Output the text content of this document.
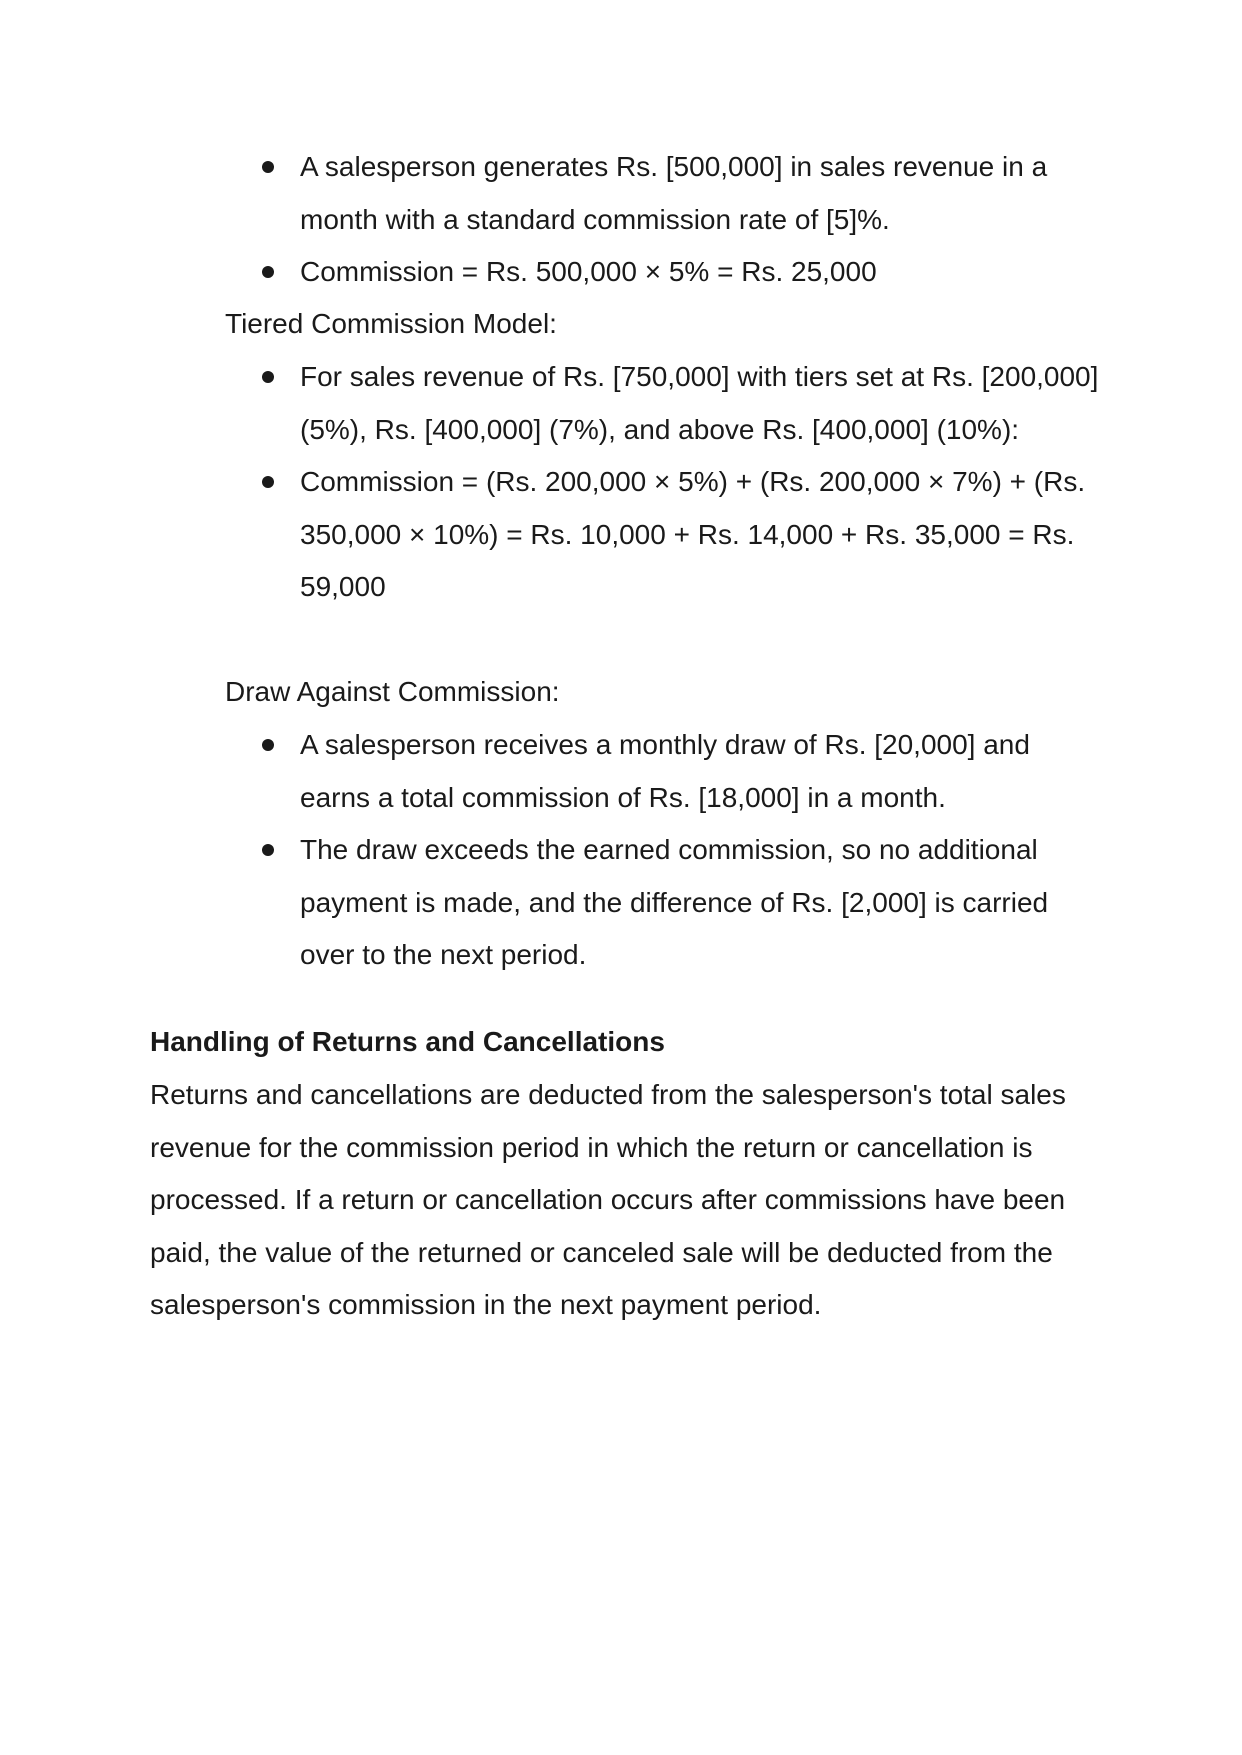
A salesperson generates Rs. [500,000] in sales revenue in a month with a standard commission rate of [5]%.
Commission = Rs. 500,000 × 5% = Rs. 25,000
Tiered Commission Model:
For sales revenue of Rs. [750,000] with tiers set at Rs. [200,000] (5%), Rs. [400,000] (7%), and above Rs. [400,000] (10%):
Commission = (Rs. 200,000 × 5%) + (Rs. 200,000 × 7%) + (Rs. 350,000 × 10%) = Rs. 10,000 + Rs. 14,000 + Rs. 35,000 = Rs. 59,000
Draw Against Commission:
A salesperson receives a monthly draw of Rs. [20,000] and earns a total commission of Rs. [18,000] in a month.
The draw exceeds the earned commission, so no additional payment is made, and the difference of Rs. [2,000] is carried over to the next period.
Handling of Returns and Cancellations
Returns and cancellations are deducted from the salesperson's total sales revenue for the commission period in which the return or cancellation is processed. If a return or cancellation occurs after commissions have been paid, the value of the returned or canceled sale will be deducted from the salesperson's commission in the next payment period.
